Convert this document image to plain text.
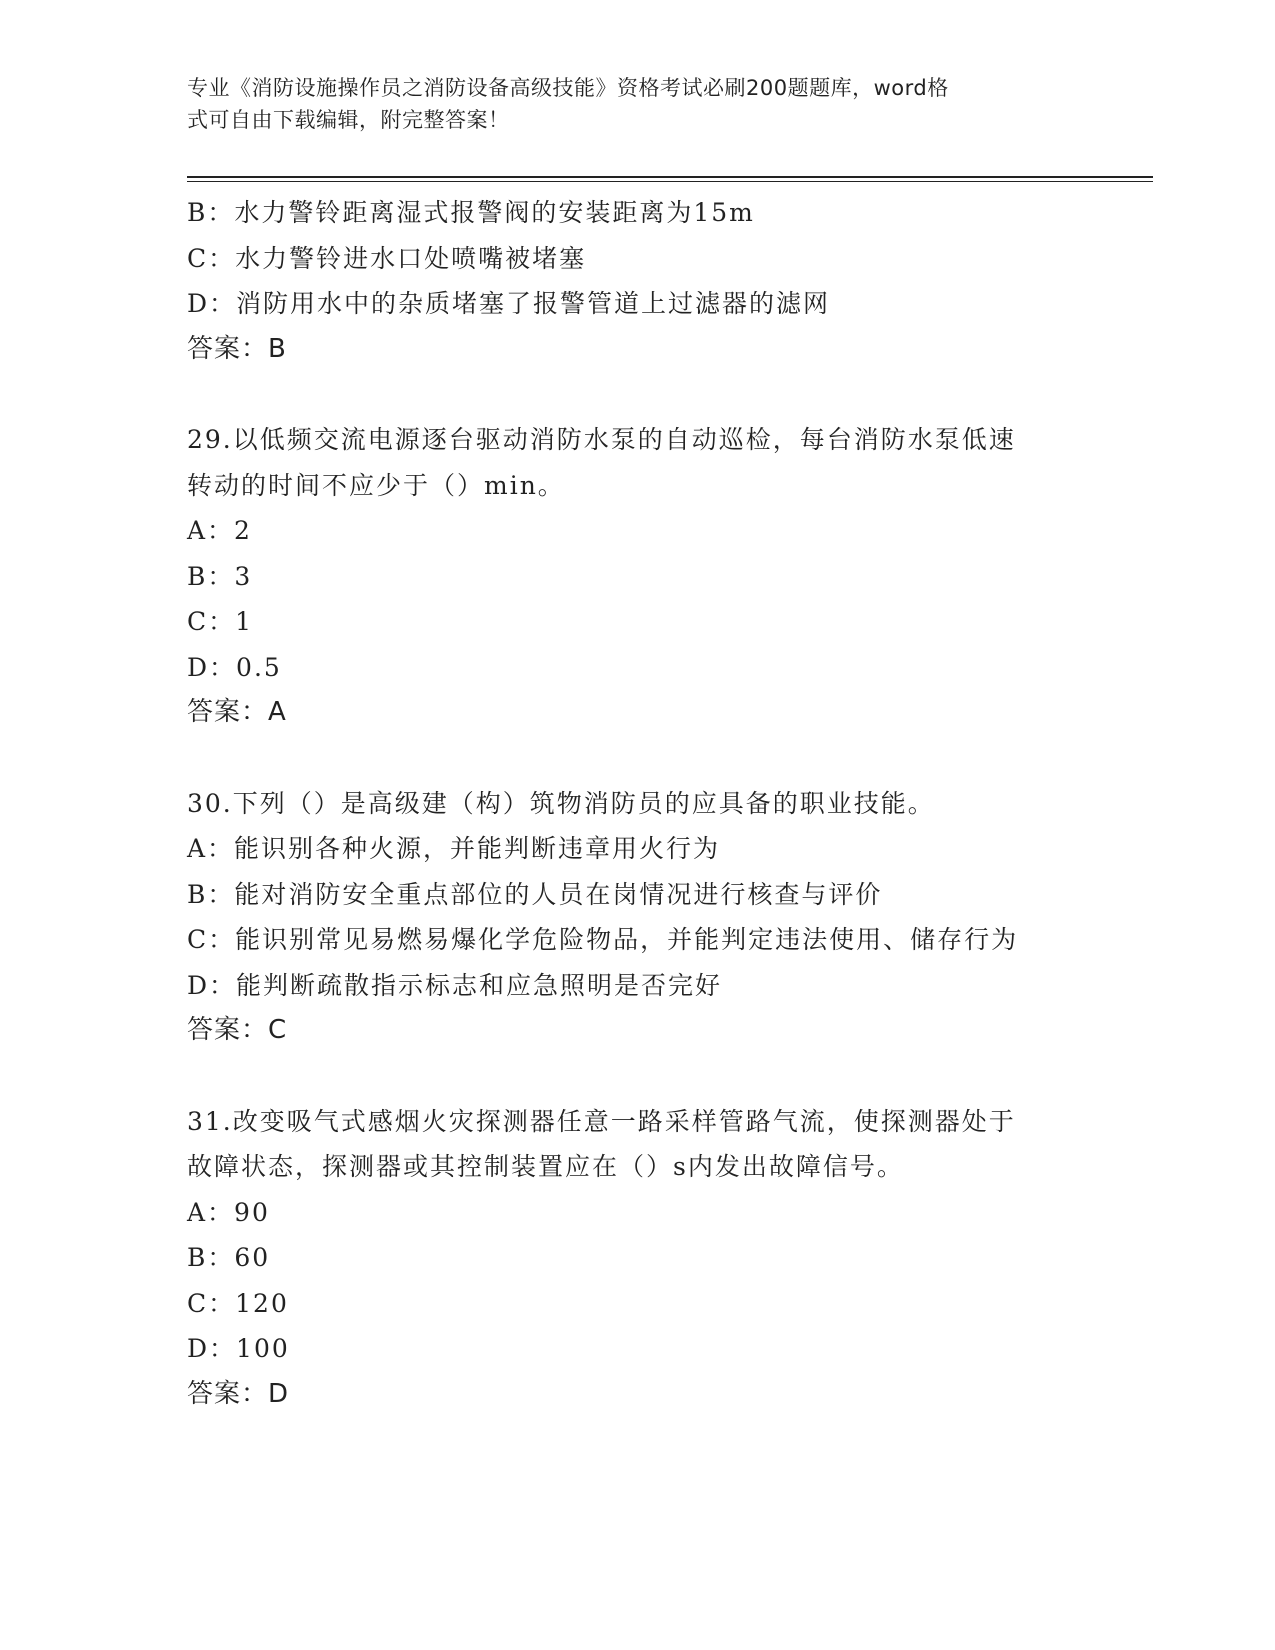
专业《消防设施操作员之消防设备高级技能》资格考试必刷200题题库，word格
式可自由下载编辑，附完整答案！
B：水力警铃距离湿式报警阀的安装距离为15m
C：水力警铃进水口处喷嘴被堵塞
D：消防用水中的杂质堵塞了报警管道上过滤器的滤网
答案：B
29.以低频交流电源逐台驱动消防水泵的自动巡检，每台消防水泵低速
转动的时间不应少于（）min。
A：2
B：3
C：1
D：0.5
答案：A
30.下列（）是高级建（构）筑物消防员的应具备的职业技能。
A：能识别各种火源，并能判断违章用火行为
B：能对消防安全重点部位的人员在岗情况进行核查与评价
C：能识别常见易燃易爆化学危险物品，并能判定违法使用、储存行为
D：能判断疏散指示标志和应急照明是否完好
答案：C
31.改变吸气式感烟火灾探测器任意一路采样管路气流，使探测器处于
故障状态，探测器或其控制装置应在（）s内发出故障信号。
A：90
B：60
C：120
D：100
答案：D
